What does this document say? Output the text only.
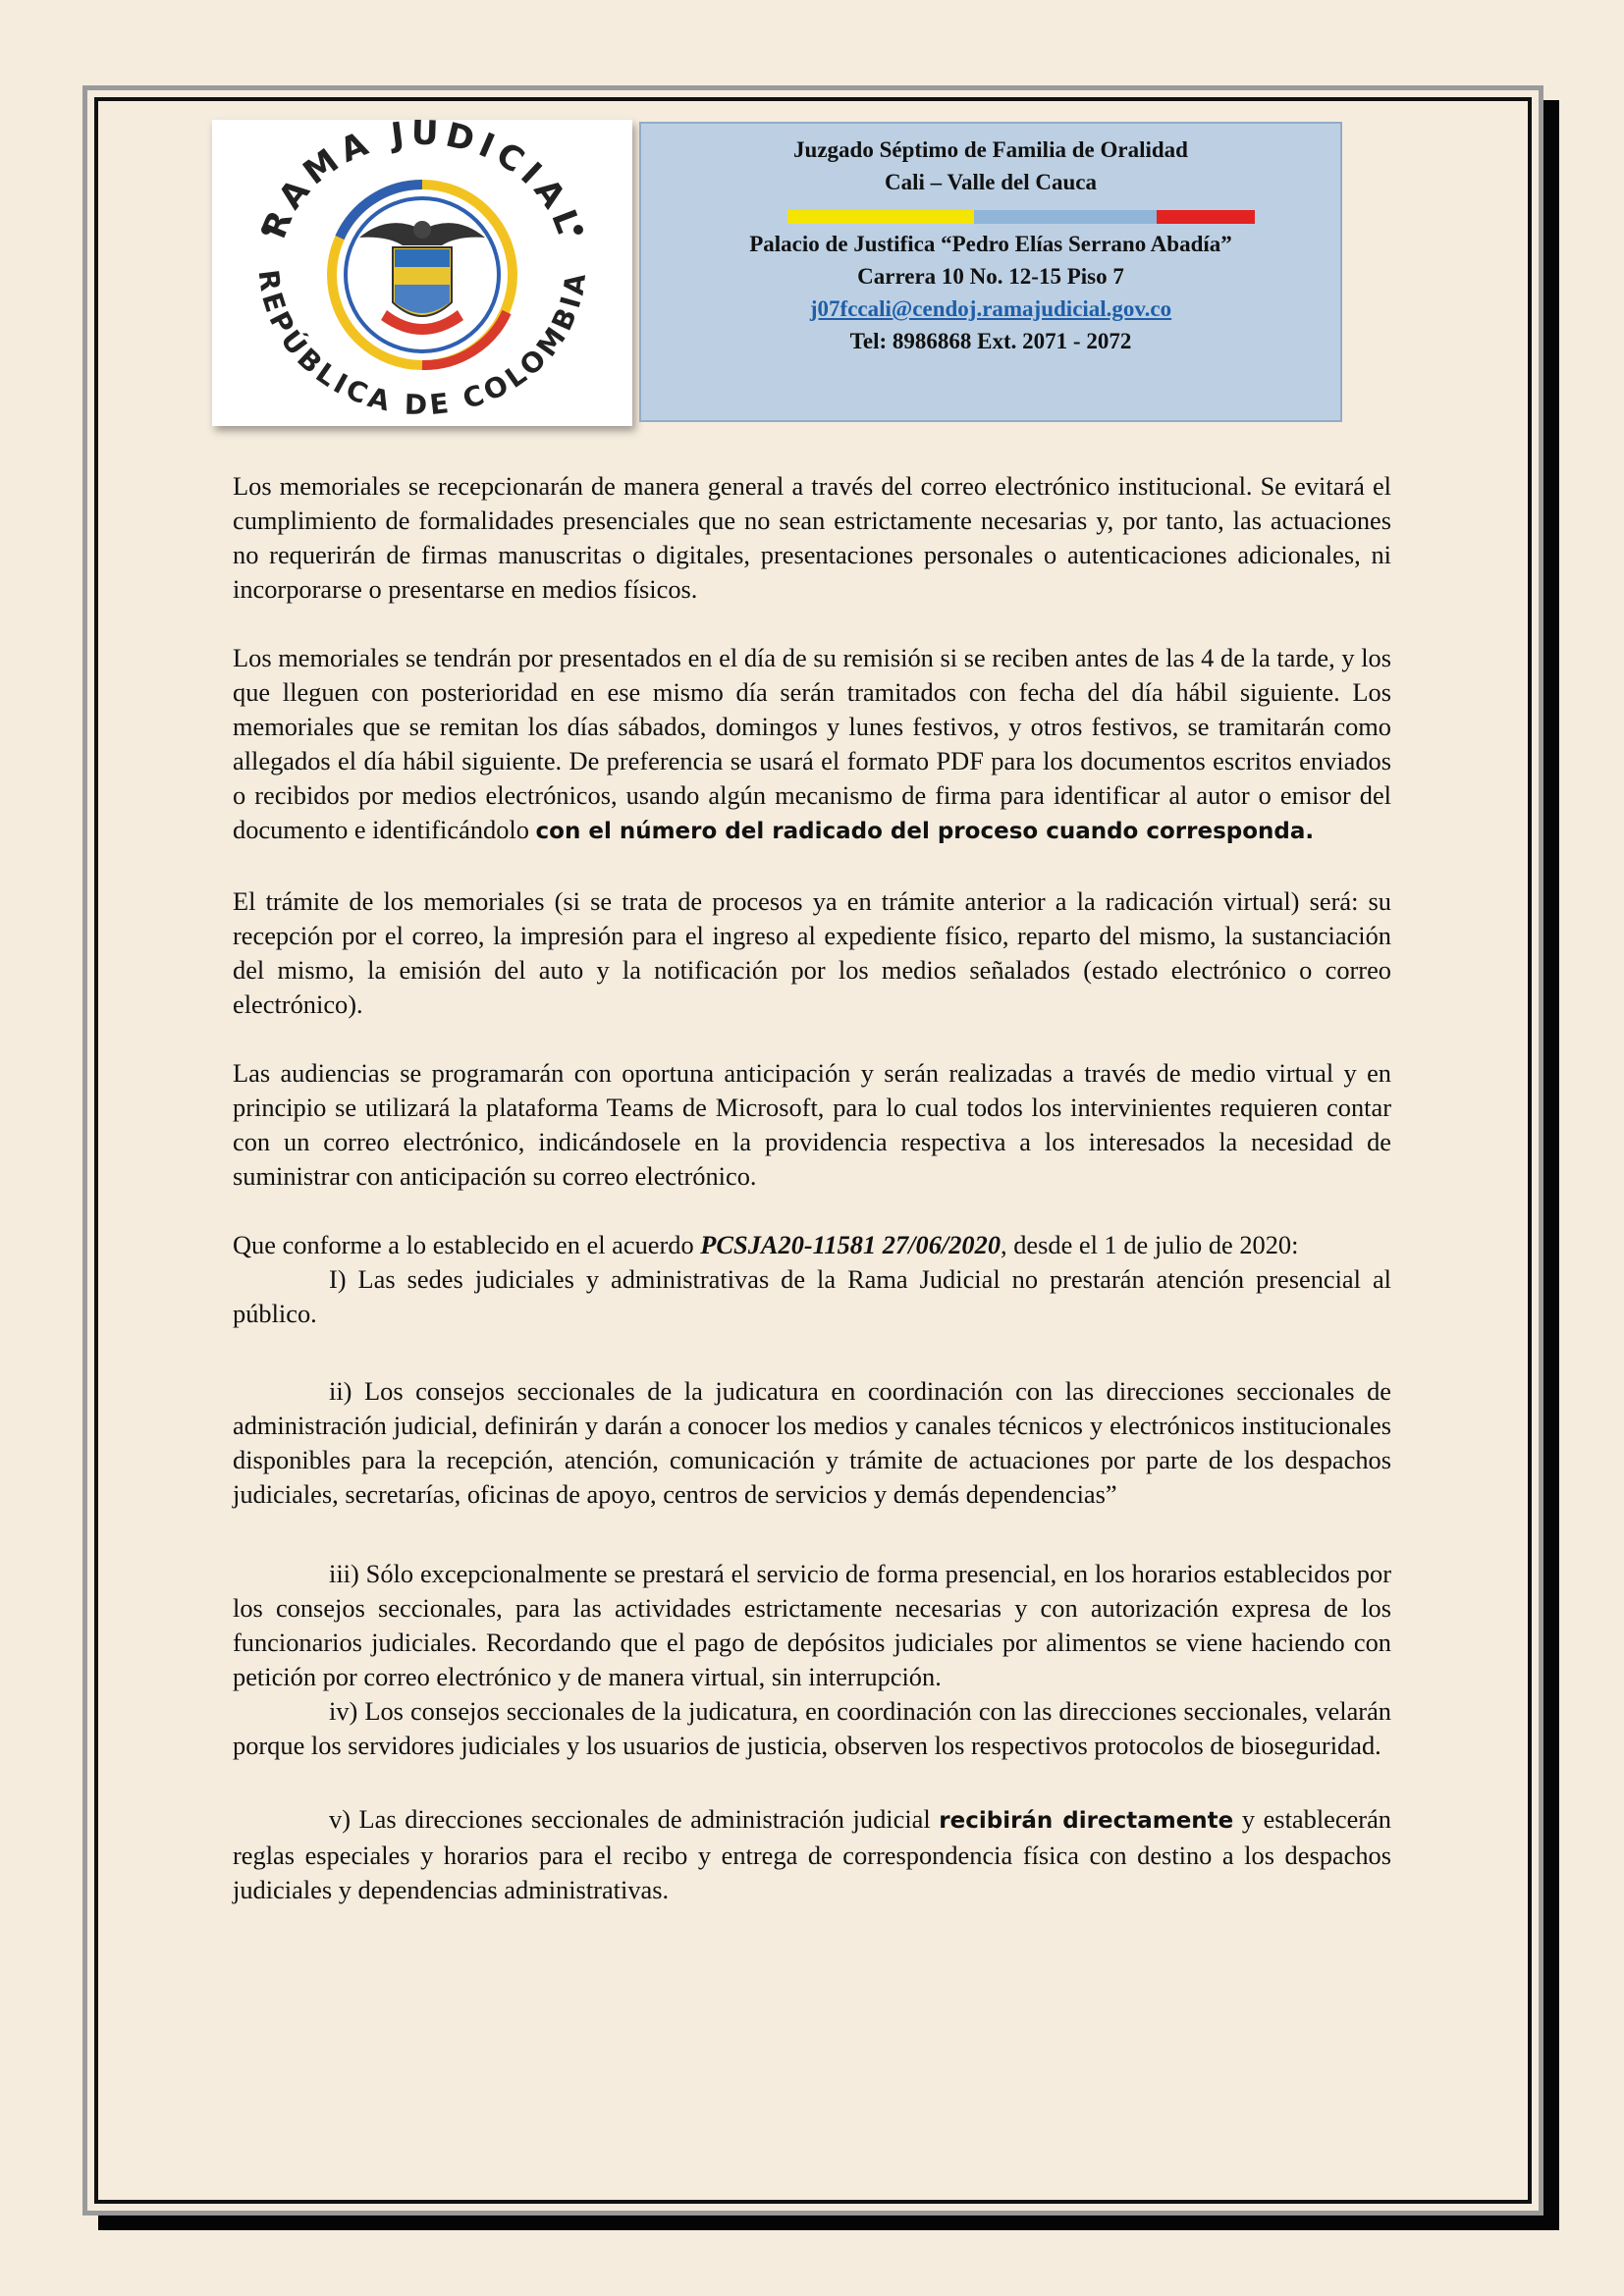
RAMA JUDICIAL
REPÚBLICA DE COLOMBIA
Juzgado Séptimo de Familia de Oralidad
Cali – Valle del Cauca
Palacio de Justifica “Pedro Elías Serrano Abadía”
Carrera 10 No. 12-15 Piso 7
j07fccali@cendoj.ramajudicial.gov.co
Tel: 8986868 Ext. 2071 - 2072

Los memoriales se recepcionarán de manera general a través del correo electrónico institucional. Se evitará el cumplimiento de formalidades presenciales que no sean estrictamente necesarias y, por tanto, las actuaciones no requerirán de firmas manuscritas o digitales, presentaciones personales o autenticaciones adicionales, ni incorporarse o presentarse en medios físicos.

Los memoriales se tendrán por presentados en el día de su remisión si se reciben antes de las 4 de la tarde, y los que lleguen con posterioridad en ese mismo día serán tramitados con fecha del día hábil siguiente. Los memoriales que se remitan los días sábados, domingos y lunes festivos, y otros festivos, se tramitarán como allegados el día hábil siguiente. De preferencia se usará el formato PDF para los documentos escritos enviados o recibidos por medios electrónicos, usando algún mecanismo de firma para identificar al autor o emisor del documento e identificándolo con el número del radicado del proceso cuando corresponda.

El trámite de los memoriales (si se trata de procesos ya en trámite anterior a la radicación virtual) será: su recepción por el correo, la impresión para el ingreso al expediente físico, reparto del mismo, la sustanciación del mismo, la emisión del auto y la notificación por los medios señalados (estado electrónico o correo electrónico).

Las audiencias se programarán con oportuna anticipación y serán realizadas a través de medio virtual y en principio se utilizará la plataforma Teams de Microsoft, para lo cual todos los intervinientes requieren contar con un correo electrónico, indicándosele en la providencia respectiva a los interesados la necesidad de suministrar con anticipación su correo electrónico.

Que conforme a lo establecido en el acuerdo PCSJA20-11581 27/06/2020, desde el 1 de julio de 2020:

I) Las sedes judiciales y administrativas de la Rama Judicial no prestarán atención presencial al público.

ii) Los consejos seccionales de la judicatura en coordinación con las direcciones seccionales de administración judicial, definirán y darán a conocer los medios y canales técnicos y electrónicos institucionales disponibles para la recepción, atención, comunicación y trámite de actuaciones por parte de los despachos judiciales, secretarías, oficinas de apoyo, centros de servicios y demás dependencias”

iii) Sólo excepcionalmente se prestará el servicio de forma presencial, en los horarios establecidos por los consejos seccionales, para las actividades estrictamente necesarias y con autorización expresa de los funcionarios judiciales. Recordando que el pago de depósitos judiciales por alimentos se viene haciendo con petición por correo electrónico y de manera virtual, sin interrupción.

iv) Los consejos seccionales de la judicatura, en coordinación con las direcciones seccionales, velarán porque los servidores judiciales y los usuarios de justicia, observen los respectivos protocolos de bioseguridad.

v) Las direcciones seccionales de administración judicial recibirán directamente y establecerán reglas especiales y horarios para el recibo y entrega de correspondencia física con destino a los despachos judiciales y dependencias administrativas.
